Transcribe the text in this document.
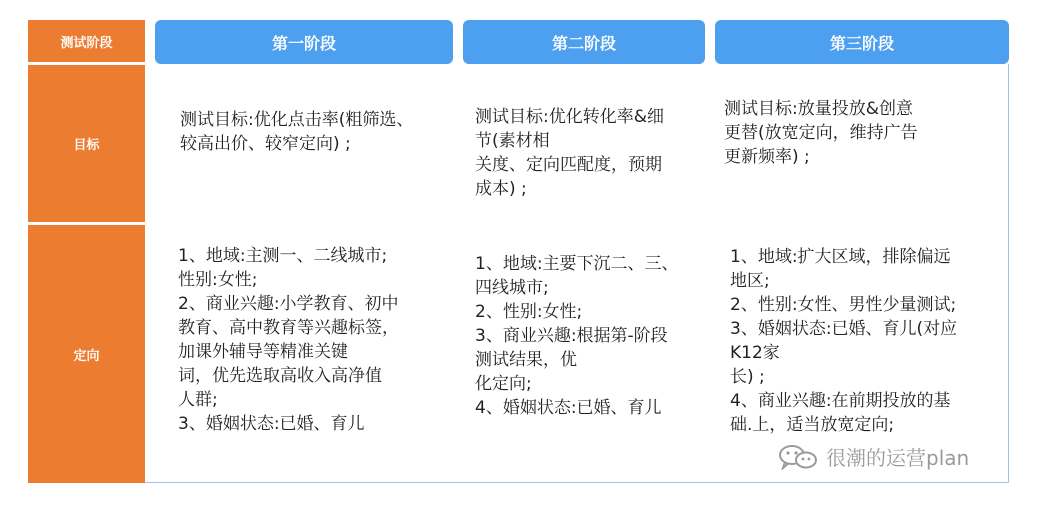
测试阶段
目标
定向
第一阶段	第二阶段	第三阶段
测试目标:优化点击率(粗筛选、
较高出价、较窄定向) ;
测试目标:优化转化率&细
节(素材相
关度、定向匹配度，预期
成本) ;
测试目标:放量投放&创意
更替(放宽定向，维持广告
更新频率) ;
1、地域:主测一、二线城市;
性别:女性;
2、商业兴趣:小学教育、初中
教育、高中教育等兴趣标签，
加课外辅导等精准关键
词，优先选取高收入高净值
人群;
3、婚姻状态:已婚、育儿
1、地域:主要下沉二、三、
四线城市;
2、性别:女性;
3、商业兴趣:根据第-阶段
测试结果，优
化定向;
4、婚姻状态:已婚、育儿
1、地域:扩大区域，排除偏远
地区;
2、性别:女性、男性少量测试;
3、婚姻状态:已婚、育儿(对应
K12家
长) ;
4、商业兴趣:在前期投放的基
础.上，适当放宽定向;
很潮的运营plan
